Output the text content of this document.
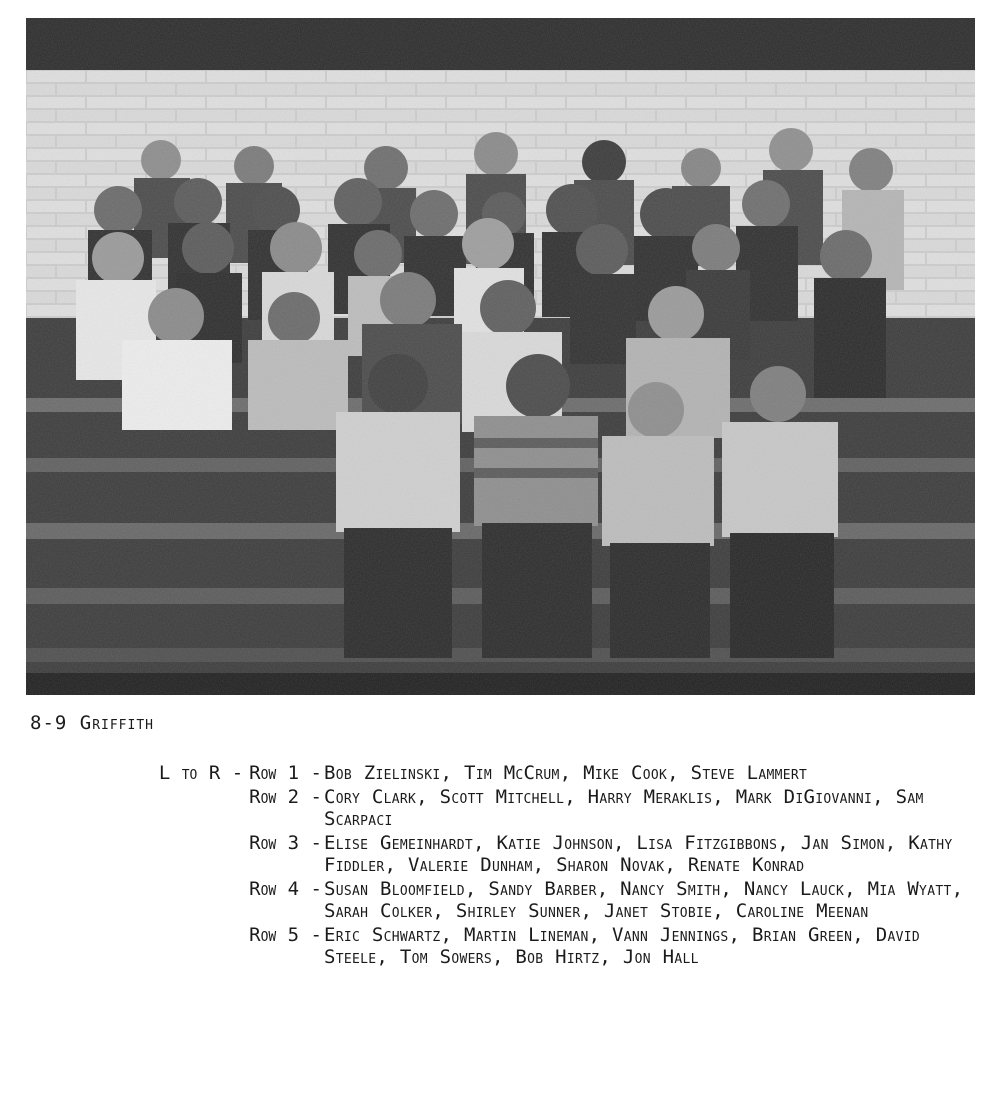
8-9 Griffith
L to R - Row 1 - Bob Zielinski, Tim McCrum, Mike Cook, Steve Lammert
Row 2 - Cory Clark, Scott Mitchell, Harry Meraklis, Mark DiGiovanni, Sam Scarpaci
Row 3 - Elise Gemeinhardt, Katie Johnson, Lisa Fitzgibbons, Jan Simon, Kathy Fiddler, Valerie Dunham, Sharon Novak, Renate Konrad
Row 4 - Susan Bloomfield, Sandy Barber, Nancy Smith, Nancy Lauck, Mia Wyatt, Sarah Colker, Shirley Sunner, Janet Stobie, Caroline Meenan
Row 5 - Eric Schwartz, Martin Lineman, Vann Jennings, Brian Green, David Steele, Tom Sowers, Bob Hirtz, Jon Hall
